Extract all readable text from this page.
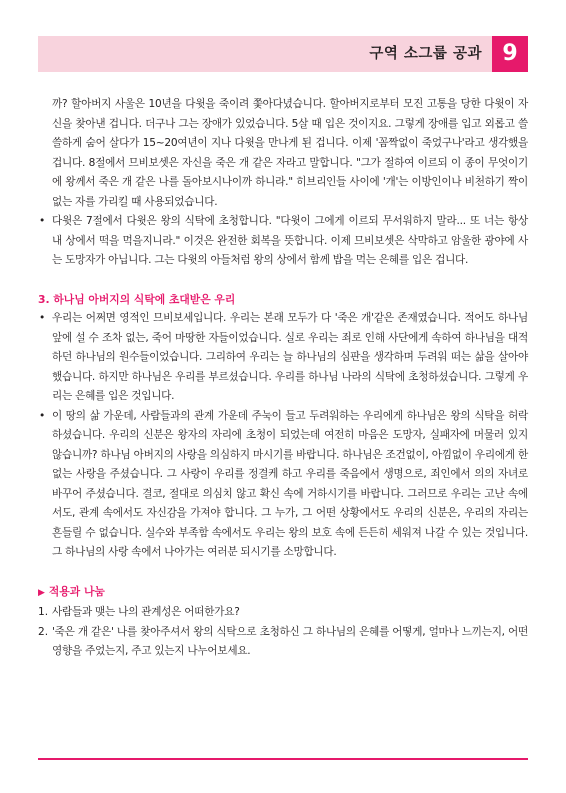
구역 소그룹 공과 9

까? 할아버지 사울은 10년을 다윗을 죽이려 쫓아다녔습니다. 할아버지로부터 모진 고통을 당한 다윗이 자신을 찾아낸 겁니다. 더구나 그는 장애가 있었습니다. 5살 때 입은 것이지요. 그렇게 장애를 입고 외롭고 쓸쓸하게 숨어 살다가 15~20여년이 지나 다윗을 만나게 된 겁니다. 이제 '꼼짝없이 죽었구나'라고 생각했을 겁니다. 8절에서 므비보셋은 자신을 죽은 개 같은 자라고 말합니다. "그가 절하여 이르되 이 종이 무엇이기에 왕께서 죽은 개 같은 나를 돌아보시나이까 하니라." 히브리인들 사이에 '개'는 이방인이나 비천하기 짝이 없는 자를 가리킬 때 사용되었습니다.

• 다윗은 7절에서 다윗은 왕의 식탁에 초청합니다. "다윗이 그에게 이르되 무서워하지 말라... 또 너는 항상 내 상에서 떡을 먹을지니라." 이것은 완전한 회복을 뜻합니다. 이제 므비보셋은 삭막하고 암울한 광야에 사는 도망자가 아닙니다. 그는 다윗의 아들처럼 왕의 상에서 함께 밥을 먹는 은혜를 입은 겁니다.

3. 하나님 아버지의 식탁에 초대받은 우리

• 우리는 어쩌면 영적인 므비보세입니다. 우리는 본래 모두가 다 '죽은 개'같은 존재였습니다. 적어도 하나님 앞에 설 수 조차 없는, 죽어 마땅한 자들이었습니다. 실로 우리는 죄로 인해 사단에게 속하여 하나님을 대적하던 하나님의 원수들이었습니다. 그리하여 우리는 늘 하나님의 심판을 생각하며 두려워 떠는 삶을 살아야 했습니다. 하지만 하나님은 우리를 부르셨습니다. 우리를 하나님 나라의 식탁에 초청하셨습니다. 그렇게 우리는 은혜를 입은 것입니다.

• 이 땅의 삶 가운데, 사람들과의 관계 가운데 주눅이 들고 두려워하는 우리에게 하나님은 왕의 식탁을 허락하셨습니다. 우리의 신분은 왕자의 자리에 초청이 되었는데 여전히 마음은 도망자, 실패자에 머물러 있지 않습니까? 하나님 아버지의 사랑을 의심하지 마시기를 바랍니다. 하나님은 조건없이, 아낌없이 우리에게 한없는 사랑을 주셨습니다. 그 사랑이 우리를 정결케 하고 우리를 죽음에서 생명으로, 죄인에서 의의 자녀로 바꾸어 주셨습니다. 결코, 절대로 의심치 않고 확신 속에 거하시기를 바랍니다. 그러므로 우리는 고난 속에서도, 관계 속에서도 자신감을 가져야 합니다. 그 누가, 그 어떤 상황에서도 우리의 신분은, 우리의 자리는 흔들릴 수 없습니다. 실수와 부족함 속에서도 우리는 왕의 보호 속에 든든히 세워져 나갈 수 있는 것입니다. 그 하나님의 사랑 속에서 나아가는 여러분 되시기를 소망합니다.

▶ 적용과 나눔

1. 사람들과 맺는 나의 관계성은 어떠한가요?

2. '죽은 개 같은' 나를 찾아주셔서 왕의 식탁으로 초청하신 그 하나님의 은혜를 어떻게, 얼마나 느끼는지, 어떤 영향을 주었는지, 주고 있는지 나누어보세요.
